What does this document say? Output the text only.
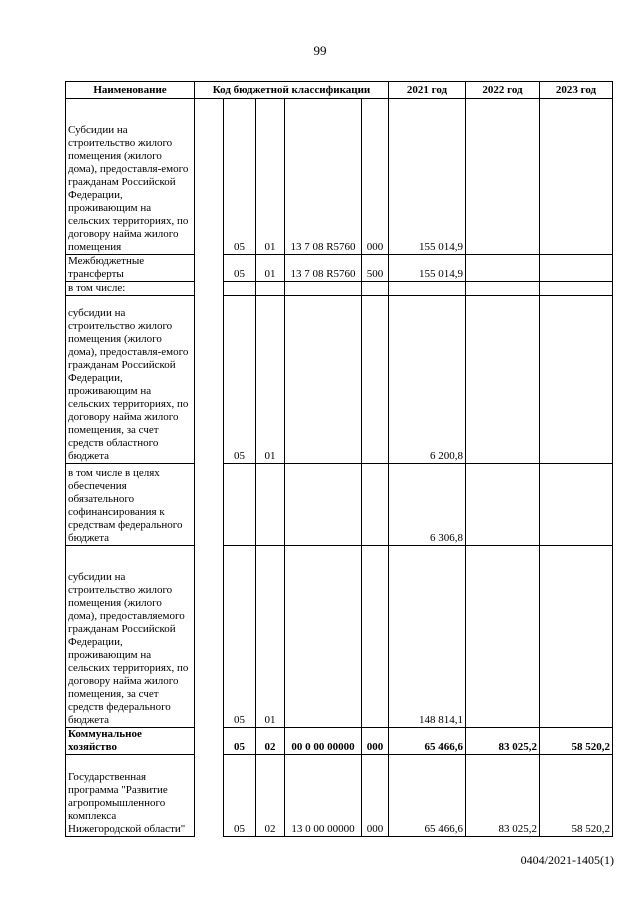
99
Наименование	Код бюджетной классификации					2021 год	2022 год	2023 год
Субсидии на строительство жилого помещения (жилого дома), предоставля-емого гражданам Российской Федерации, проживающим на сельских территориях, по договору найма жилого помещения		05	01	13 7 08 R5760	000	155 014,9		
Межбюджетные трансферты		05	01	13 7 08 R5760	500	155 014,9		
в том числе:								
субсидии на строительство жилого помещения (жилого дома), предоставля-емого гражданам Российской Федерации, проживающим на сельских территориях, по договору найма жилого помещения, за счет средств областного бюджета		05	01			6 200,8		
в том числе в целях обеспечения обязательного софинансирования к средствам федерального бюджета						6 306,8		
субсидии на строительство жилого помещения (жилого дома), предоставляемого гражданам Российской Федерации, проживающим на сельских территориях, по договору найма жилого помещения, за счет средств федерального бюджета		05	01			148 814,1		
Коммунальное хозяйство		05	02	00 0 00 00000	000	65 466,6	83 025,2	58 520,2
Государственная программа "Развитие агропромышленного комплекса Нижегородской области"		05	02	13 0 00 00000	000	65 466,6	83 025,2	58 520,2
0404/2021-1405(1)
